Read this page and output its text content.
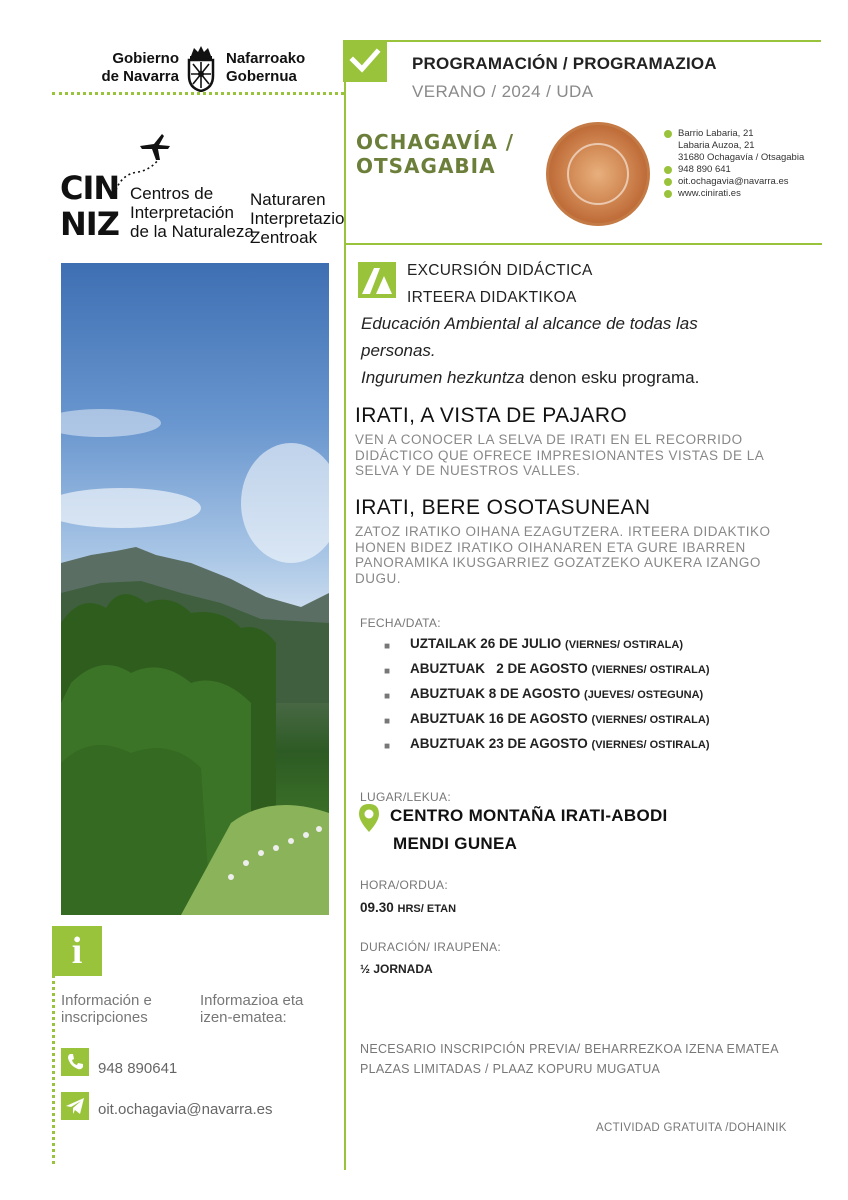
Gobierno
de Navarra
Nafarroako
Gobernua
CIN
NIZ
Centros de
Interpretación
de la Naturaleza
Naturaren
Interpretazio
Zentroak
i
Información e inscripciones
Informazioa eta izen-ematea:
948 890641
oit.ochagavia@navarra.es
PROGRAMACIÓN / PROGRAMAZIOA
VERANO / 2024 / UDA
OCHAGAVÍA /
OTSAGABIA
Barrio Labaria, 21
Labaria Auzoa, 21
31680 Ochagavía / Otsagabia
948 890 641
oit.ochagavia@navarra.es
www.cinirati.es
EXCURSIÓN DIDÁCTICA
IRTEERA DIDAKTIKOA
Educación Ambiental al alcance de todas las
personas.
Ingurumen hezkuntza denon esku programa.
IRATI, A VISTA DE PAJARO
VEN A CONOCER LA SELVA DE IRATI EN EL RECORRIDO DIDÁCTICO QUE OFRECE IMPRESIONANTES VISTAS DE LA SELVA Y DE NUESTROS VALLES.
IRATI, BERE OSOTASUNEAN
ZATOZ IRATIKO OIHANA EZAGUTZERA. IRTEERA DIDAKTIKO HONEN BIDEZ IRATIKO OIHANAREN ETA GURE IBARREN PANORAMIKA IKUSGARRIEZ GOZATZEKO AUKERA IZANGO DUGU.
FECHA/DATA:
■ UZTAILAK 26 DE JULIO (VIERNES/ OSTIRALA)
■ ABUZTUAK   2 DE AGOSTO (VIERNES/ OSTIRALA)
■ ABUZTUAK 8 DE AGOSTO (JUEVES/ OSTEGUNA)
■ ABUZTUAK 16 DE AGOSTO (VIERNES/ OSTIRALA)
■ ABUZTUAK 23 DE AGOSTO (VIERNES/ OSTIRALA)
LUGAR/LEKUA:
CENTRO MONTAÑA IRATI-ABODI
MENDI GUNEA
HORA/ORDUA:
09.30 HRS/ ETAN
DURACIÓN/ IRAUPENA:
½ JORNADA
NECESARIO INSCRIPCIÓN PREVIA/ BEHARREZKOA IZENA EMATEA
PLAZAS LIMITADAS / PLAAZ KOPURU MUGATUA
ACTIVIDAD GRATUITA /DOHAINIK
